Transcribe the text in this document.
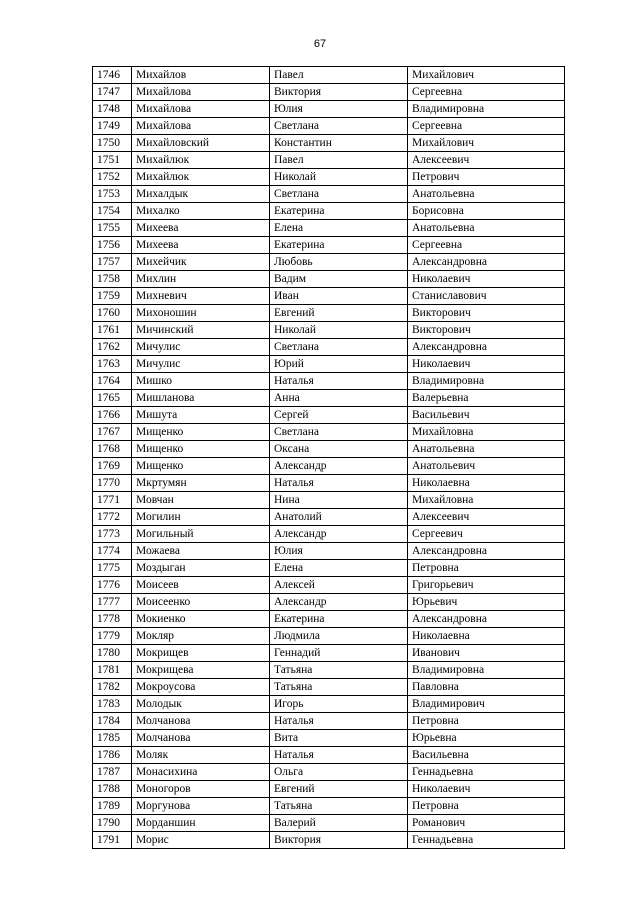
67
1746	Михайлов	Павел	Михайлович
1747	Михайлова	Виктория	Сергеевна
1748	Михайлова	Юлия	Владимировна
1749	Михайлова	Светлана	Сергеевна
1750	Михайловский	Константин	Михайлович
1751	Михайлюк	Павел	Алексеевич
1752	Михайлюк	Николай	Петрович
1753	Михалдык	Светлана	Анатольевна
1754	Михалко	Екатерина	Борисовна
1755	Михеева	Елена	Анатольевна
1756	Михеева	Екатерина	Сергеевна
1757	Михейчик	Любовь	Александровна
1758	Михлин	Вадим	Николаевич
1759	Михневич	Иван	Станиславович
1760	Михоношин	Евгений	Викторович
1761	Мичинский	Николай	Викторович
1762	Мичулис	Светлана	Александровна
1763	Мичулис	Юрий	Николаевич
1764	Мишко	Наталья	Владимировна
1765	Мишланова	Анна	Валерьевна
1766	Мишута	Сергей	Васильевич
1767	Мищенко	Светлана	Михайловна
1768	Мищенко	Оксана	Анатольевна
1769	Мищенко	Александр	Анатольевич
1770	Мкртумян	Наталья	Николаевна
1771	Мовчан	Нина	Михайловна
1772	Могилин	Анатолий	Алексеевич
1773	Могильный	Александр	Сергеевич
1774	Можаева	Юлия	Александровна
1775	Моздыган	Елена	Петровна
1776	Моисеев	Алексей	Григорьевич
1777	Моисеенко	Александр	Юрьевич
1778	Мокиенко	Екатерина	Александровна
1779	Мокляр	Людмила	Николаевна
1780	Мокрищев	Геннадий	Иванович
1781	Мокрищева	Татьяна	Владимировна
1782	Мокроусова	Татьяна	Павловна
1783	Молодык	Игорь	Владимирович
1784	Молчанова	Наталья	Петровна
1785	Молчанова	Вита	Юрьевна
1786	Моляк	Наталья	Васильевна
1787	Монасихина	Ольга	Геннадьевна
1788	Моногоров	Евгений	Николаевич
1789	Моргунова	Татьяна	Петровна
1790	Морданшин	Валерий	Романович
1791	Морис	Виктория	Геннадьевна
